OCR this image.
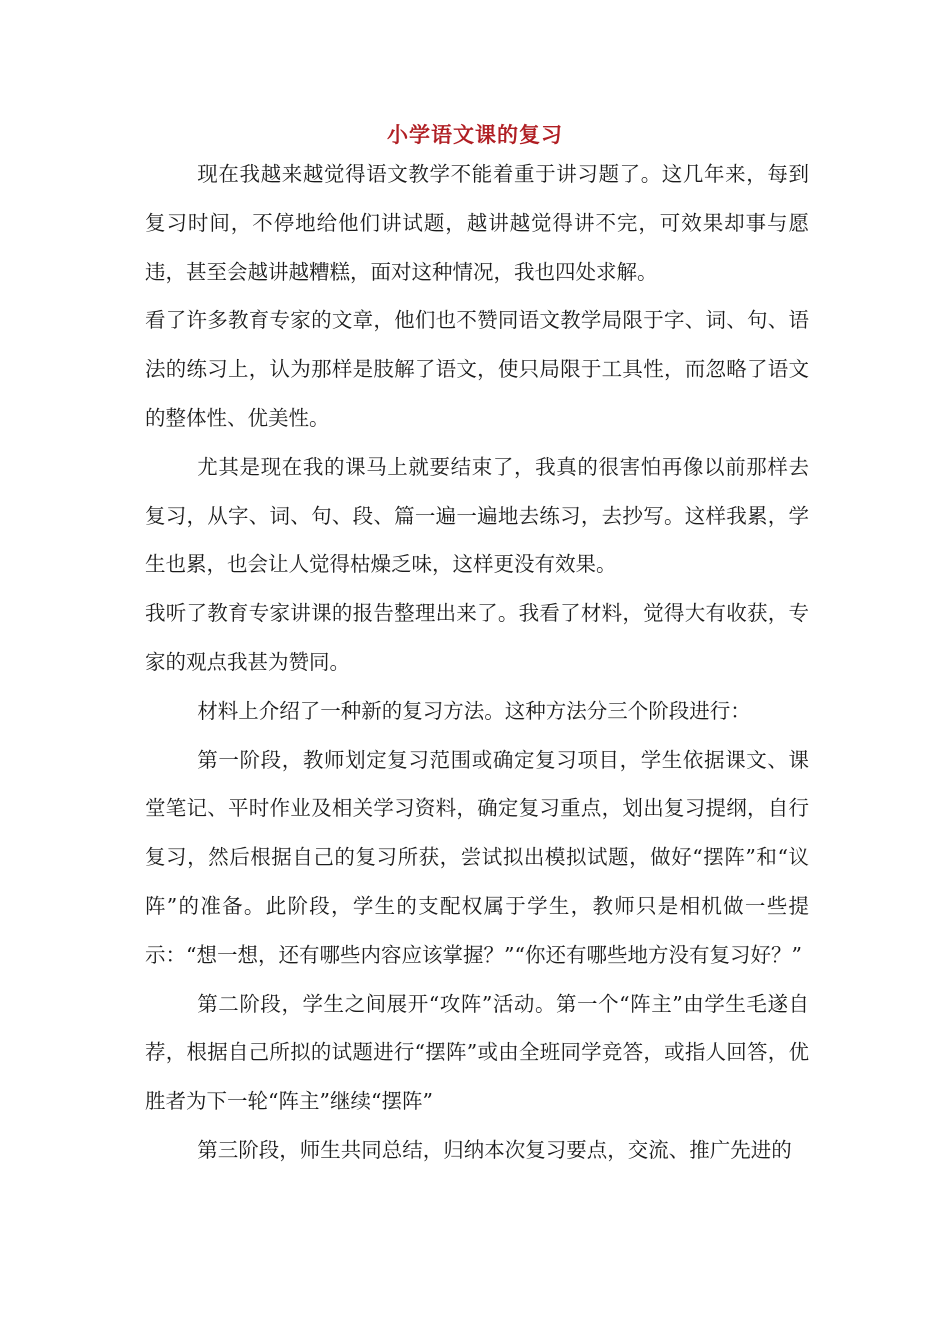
小学语文课的复习

现在我越来越觉得语文教学不能着重于讲习题了。这几年来，每到复习时间，不停地给他们讲试题，越讲越觉得讲不完，可效果却事与愿违，甚至会越讲越糟糕，面对这种情况，我也四处求解。

看了许多教育专家的文章，他们也不赞同语文教学局限于字、词、句、语法的练习上，认为那样是肢解了语文，使只局限于工具性，而忽略了语文的整体性、优美性。

尤其是现在我的课马上就要结束了，我真的很害怕再像以前那样去复习，从字、词、句、段、篇一遍一遍地去练习，去抄写。这样我累，学生也累，也会让人觉得枯燥乏味，这样更没有效果。

我听了教育专家讲课的报告整理出来了。我看了材料，觉得大有收获，专家的观点我甚为赞同。

材料上介绍了一种新的复习方法。这种方法分三个阶段进行：

第一阶段，教师划定复习范围或确定复习项目，学生依据课文、课堂笔记、平时作业及相关学习资料，确定复习重点，划出复习提纲，自行复习，然后根据自己的复习所获，尝试拟出模拟试题，做好“摆阵”和“议阵”的准备。此阶段，学生的支配权属于学生，教师只是相机做一些提示：“想一想，还有哪些内容应该掌握？”“你还有哪些地方没有复习好？”

第二阶段，学生之间展开“攻阵”活动。第一个“阵主”由学生毛遂自荐，根据自己所拟的试题进行“摆阵”或由全班同学竞答，或指人回答，优胜者为下一轮“阵主”继续“摆阵”

第三阶段，师生共同总结，归纳本次复习要点，交流、推广先进的
